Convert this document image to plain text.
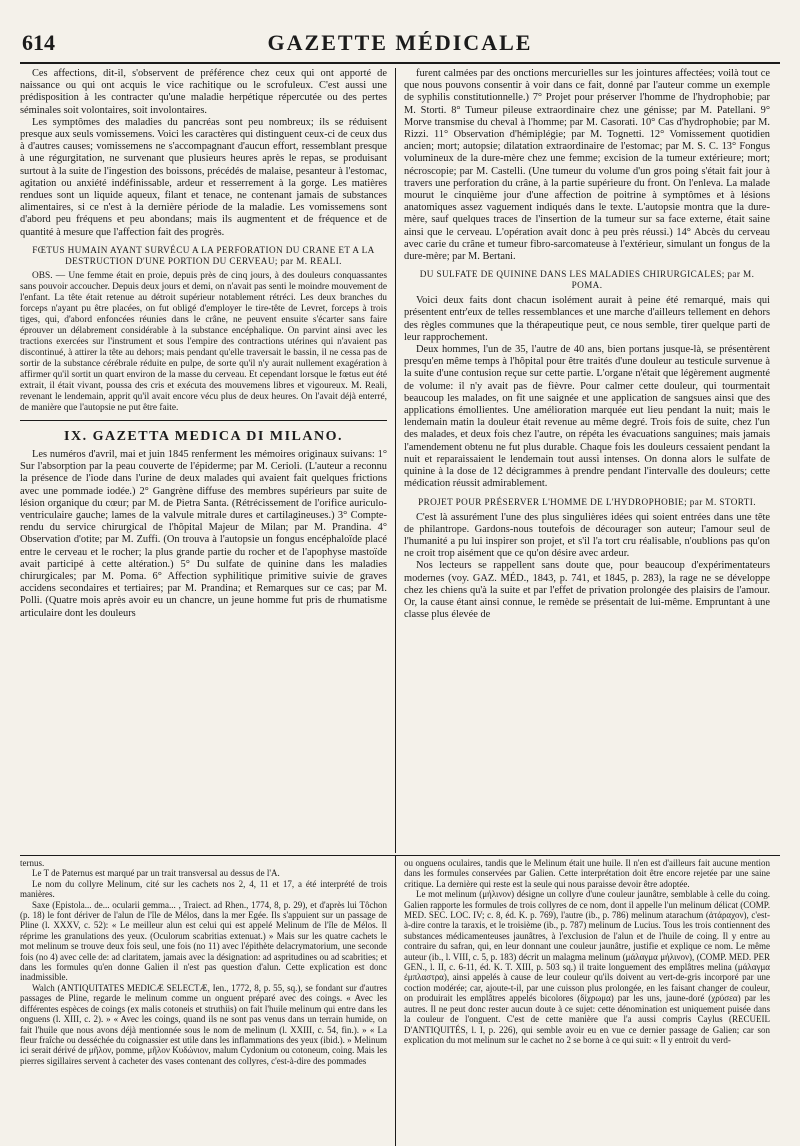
614	GAZETTE MÉDICALE

Ces affections, dit-il, s'observent de préférence chez ceux qui ont apporté de naissance ou qui ont acquis le vice rachitique ou le scrofuleux. C'est aussi une prédisposition à les contracter qu'une maladie herpétique répercutée ou des pertes séminales soit volontaires, soit involontaires.

Les symptômes des maladies du pancréas sont peu nombreux; ils se réduisent presque aux seuls vomissemens. Voici les caractères qui distinguent ceux-ci de ceux dus à d'autres causes; vomissemens ne s'accompagnant d'aucun effort, ressemblant presque à une régurgitation, ne survenant que plusieurs heures après le repas, se produisant surtout à la suite de l'ingestion des boissons, précédés de malaise, pesanteur à l'estomac, agitation ou anxiété indéfinissable, ardeur et resserrement à la gorge. Les matières rendues sont un liquide aqueux, filant et tenace, ne contenant jamais de substances alimentaires, si ce n'est à la dernière période de la maladie. Les vomissemens sont d'abord peu fréquens et peu abondans; mais ils augmentent et de fréquence et de quantité à mesure que l'affection fait des progrès.

FŒTUS HUMAIN AYANT SURVÉCU A LA PERFORATION DU CRANE ET A LA DESTRUCTION D'UNE PORTION DU CERVEAU; par M. REALI.

OBS. — Une femme était en proie, depuis près de cinq jours, à des douleurs conquassantes sans pouvoir accoucher. Depuis deux jours et demi, on n'avait pas senti le moindre mouvement de l'enfant. La tête était retenue au détroit supérieur notablement rétréci. Les deux branches du forceps n'ayant pu être placées, on fut obligé d'employer le tire-tête de Levret, forceps à trois tiges, qui, d'abord enfoncées réunies dans le crâne, ne peuvent ensuite s'écarter sans faire éprouver un délabrement considérable à la substance encéphalique. On parvint ainsi avec les tractions exercées sur l'instrument et sous l'empire des contractions utérines qui n'avaient pas discontinué, à attirer la tête au dehors; mais pendant qu'elle traversait le bassin, il ne cessa pas de sortir de la substance cérébrale réduite en pulpe, de sorte qu'il n'y aurait nullement exagération à affirmer qu'il sortit un quart environ de la masse du cerveau. Et cependant lorsque le fœtus eut été extrait, il était vivant, poussa des cris et exécuta des mouvemens libres et vigoureux. M. Reali, revenant le lendemain, apprit qu'il avait encore vécu plus de deux heures. On l'avait déjà enterré, de manière que l'autopsie ne put être faite.

IX. GAZETTA MEDICA DI MILANO.

Les numéros d'avril, mai et juin 1845 renferment les mémoires originaux suivans: 1° Sur l'absorption par la peau couverte de l'épiderme; par M. Cerioli. (L'auteur a reconnu la présence de l'iode dans l'urine de deux malades qui avaient fait quelques frictions avec une pommade iodée.) 2° Gangrène diffuse des membres supérieurs par suite de lésion organique du cœur; par M. de Pietra Santa. (Rétrécissement de l'orifice auriculo-ventriculaire gauche; lames de la valvule mitrale dures et cartilagineuses.) 3° Compte-rendu du service chirurgical de l'hôpital Majeur de Milan; par M. Prandina. 4° Observation d'otite; par M. Zuffi. (On trouva à l'autopsie un fongus encéphaloïde placé entre le cerveau et le rocher; la plus grande partie du rocher et de l'apophyse mastoïde avait participé à cette altération.) 5° Du sulfate de quinine dans les maladies chirurgicales; par M. Poma. 6° Affection syphilitique primitive suivie de graves accidens secondaires et tertiaires; par M. Prandina; et Remarques sur ce cas; par M. Polli. (Quatre mois après avoir eu un chancre, un jeune homme fut pris de rhumatisme articulaire dont les douleurs

furent calmées par des onctions mercurielles sur les jointures affectées; voilà tout ce que nous pouvons consentir à voir dans ce fait, donné par l'auteur comme un exemple de syphilis constitutionnelle.) 7° Projet pour préserver l'homme de l'hydrophobie; par M. Storti. 8° Tumeur pileuse extraordinaire chez une génisse; par M. Patellani. 9° Morve transmise du cheval à l'homme; par M. Casorati. 10° Cas d'hydrophobie; par M. Rizzi. 11° Observation d'hémiplégie; par M. Tognetti. 12° Vomissement quotidien ancien; mort; autopsie; dilatation extraordinaire de l'estomac; par M. S. C. 13° Fongus volumineux de la dure-mère chez une femme; excision de la tumeur extérieure; mort; nécroscopie; par M. Castelli. (Une tumeur du volume d'un gros poing s'était fait jour à travers une perforation du crâne, à la partie supérieure du front. On l'enleva. La malade mourut le cinquième jour d'une affection de poitrine à symptômes et à lésions anatomiques assez vaguement indiqués dans le texte. L'autopsie montra que la dure-mère, sauf quelques traces de l'insertion de la tumeur sur sa face externe, était saine ainsi que le cerveau. L'opération avait donc à peu près réussi.) 14° Abcès du cerveau avec carie du crâne et tumeur fibro-sarcomateuse à l'extérieur, simulant un fongus de la dure-mère; par M. Bertani.

DU SULFATE DE QUININE DANS LES MALADIES CHIRURGICALES; par M. POMA.

Voici deux faits dont chacun isolément aurait à peine été remarqué, mais qui présentent entr'eux de telles ressemblances et une marche d'ailleurs tellement en dehors des règles communes que la thérapeutique peut, ce nous semble, tirer quelque parti de leur rapprochement.

Deux hommes, l'un de 35, l'autre de 40 ans, bien portans jusque-là, se présentèrent presqu'en même temps à l'hôpital pour être traités d'une douleur au testicule survenue à la suite d'une contusion reçue sur cette partie. L'organe n'était que légèrement augmenté de volume: il n'y avait pas de fièvre. Pour calmer cette douleur, qui tourmentait beaucoup les malades, on fit une saignée et une application de sangsues ainsi que des applications émollientes. Une amélioration marquée eut lieu pendant la nuit; mais le lendemain matin la douleur était revenue au même degré. Trois fois de suite, chez l'un des malades, et deux fois chez l'autre, on répéta les évacuations sanguines; mais jamais l'amendement obtenu ne fut plus durable. Chaque fois les douleurs cessaient pendant la nuit et reparaissaient le lendemain tout aussi intenses. On donna alors le sulfate de quinine à la dose de 12 décigrammes à prendre pendant l'intervalle des douleurs; cette médication réussit admirablement.

PROJET POUR PRÉSERVER L'HOMME DE L'HYDROPHOBIE; par M. STORTI.

C'est là assurément l'une des plus singulières idées qui soient entrées dans une tête de philantrope. Gardons-nous toutefois de décourager son auteur; l'amour seul de l'humanité a pu lui inspirer son projet, et s'il l'a tort cru réalisable, n'oublions pas qu'on ne croit trop aisément que ce qu'on désire avec ardeur.

Nos lecteurs se rappellent sans doute que, pour beaucoup d'expérimentateurs modernes (voy. GAZ. MÉD., 1843, p. 741, et 1845, p. 283), la rage ne se développe chez les chiens qu'à la suite et par l'effet de privation prolongée des plaisirs de l'amour. Or, la cause étant ainsi connue, le remède se présentait de lui-même. Empruntant à une classe plus élevée de

ternus.

Le T de Paternus est marqué par un trait transversal au dessus de l'A.

Le nom du collyre Melinum, cité sur les cachets nos 2, 4, 11 et 17, a été interprété de trois manières.

Saxe (Epistola... de... ocularii gemma... , Traiect. ad Rhen., 1774, 8, p. 29), et d'après lui Tôchon (p. 18) le font dériver de l'alun de l'île de Mélos, dans la mer Egée. Ils s'appuient sur un passage de Pline (l. XXXV, c. 52): « Le meilleur alun est celui qui est appelé Melinum de l'île de Mélos. Il réprime les granulations des yeux. (Oculorum scabritias extenuat.) » Mais sur les quatre cachets le mot melinum se trouve deux fois seul, une fois (no 11) avec l'épithète delacrymatorium, une seconde fois (no 4) avec celle de: ad claritatem, jamais avec la désignation: ad aspritudines ou ad scabrities; et dans les formules qu'en donne Galien il n'est pas question d'alun. Cette explication est donc inadmissible.

Walch (ANTIQUITATES MEDICÆ SELECTÆ, Ien., 1772, 8, p. 55, sq.), se fondant sur d'autres passages de Pline, regarde le melinum comme un onguent préparé avec des coings. « Avec les différentes espèces de coings (ex malis cotoneis et struthiis) on fait l'huile melinum qui entre dans les onguens (l. XIII, c. 2). » « Avec les coings, quand ils ne sont pas venus dans un terrain humide, on fait l'huile que nous avons déjà mentionnée sous le nom de melinum (l. XXIII, c. 54, fin.). » « La fleur fraîche ou desséchée du coignassier est utile dans les inflammations des yeux (ibid.). » Melinum ici serait dérivé de μῆλον, pomme, μῆλον Κυδώνιον, malum Cydonium ou cotoneum, coing. Mais les pierres sigillaires servent à cacheter des vases contenant des collyres, c'est-à-dire des pommades

ou onguens oculaires, tandis que le Melinum était une huile. Il n'en est d'ailleurs fait aucune mention dans les formules conservées par Galien. Cette interprétation doit être encore rejetée par une saine critique. La dernière qui reste est la seule qui nous paraisse devoir être adoptée.

Le mot melinum (μήλινον) désigne un collyre d'une couleur jaunâtre, semblable à celle du coing. Galien rapporte les formules de trois collyres de ce nom, dont il appelle l'un melinum délicat (COMP. MED. SEC. LOC. IV; c. 8, éd. K. p. 769), l'autre (ib., p. 786) melinum atarachum (ἀτάραχον), c'est-à-dire contre la taraxis, et le troisième (ib., p. 787) melinum de Lucius. Tous les trois contiennent des substances médicamenteuses jaunâtres, à l'exclusion de l'alun et de l'huile de coing. Il y entre au contraire du safran, qui, en leur donnant une couleur jaunâtre, justifie et explique ce nom. Le même auteur (ib., l. VIII, c. 5, p. 183) décrit un malagma melinum (μάλαγμα μήλινον), (COMP. MED. PER GEN., l. II, c. 6-11, éd. K. T. XIII, p. 503 sq.) il traite longuement des emplâtres melina (μάλαγμα ἐμπλαστρα), ainsi appelés à cause de leur couleur qu'ils doivent au vert-de-gris incorporé par une coction modérée; car, ajoute-t-il, par une cuisson plus prolongée, en les faisant changer de couleur, on produirait les emplâtres appelés bicolores (δίχρωμα) par les uns, jaune-doré (χρύσεα) par les autres. Il ne peut donc rester aucun doute à ce sujet: cette dénomination est uniquement puisée dans la couleur de l'onguent. C'est de cette manière que l'a aussi compris Caylus (RECUEIL D'ANTIQUITÉS, l. I, p. 226), qui semble avoir eu en vue ce dernier passage de Galien; car son explication du mot melinum sur le cachet no 2 se borne à ce qui suit: « Il y entroit du verd-
